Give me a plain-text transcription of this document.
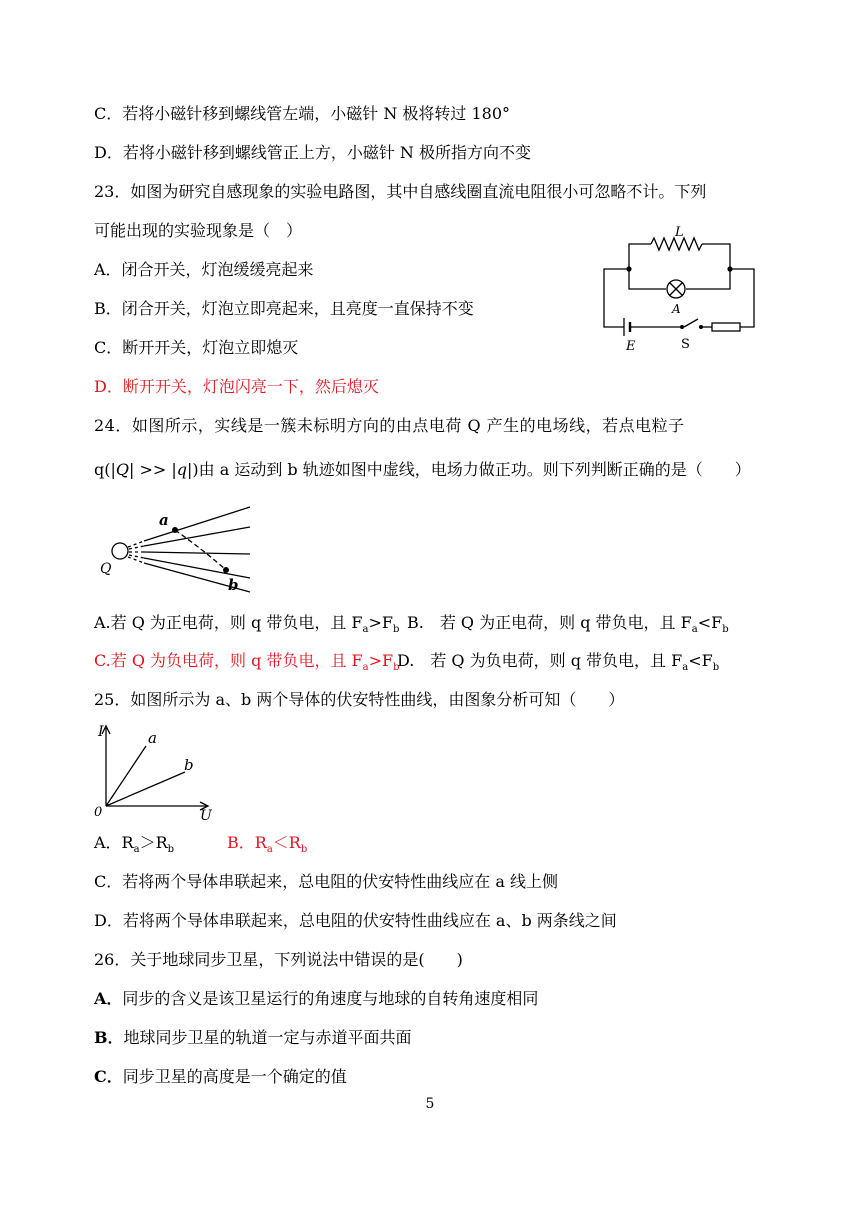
C．若将小磁针移到螺线管左端，小磁针 N 极将转过 180°
D．若将小磁针移到螺线管正上方，小磁针 N 极所指方向不变
23．如图为研究自感现象的实验电路图，其中自感线圈直流电阻很小可忽略不计。下列
可能出现的实验现象是（　）
A．闭合开关，灯泡缓缓亮起来
B．闭合开关，灯泡立即亮起来，且亮度一直保持不变
C．断开开关，灯泡立即熄灭
D．断开开关，灯泡闪亮一下，然后熄灭
L
A
E	S
24．如图所示，实线是一簇未标明方向的由点电荷 Q 产生的电场线，若点电粒子
q(|Q| >> |q|)由 a 运动到 b 轨迹如图中虚线，电场力做正功。则下列判断正确的是（　　）
a
b
Q
A.若 Q 为正电荷，则 q 带负电，且 $F_a>F_b$ B.　若 Q 为正电荷，则 q 带负电，且 $F_a<F_b$
C.若 Q 为负电荷，则 q 带负电，且 $F_a>F_b$
D.　若 Q 为负电荷，则 q 带负电，且 $F_a<F_b$
25．如图所示为 a、b 两个导体的伏安特性曲线，由图象分析可知（　　）
I
U
0
a
b
A．$R_a>R_b$	B．$R_a<R_b$
C．若将两个导体串联起来，总电阻的伏安特性曲线应在 a 线上侧
D．若将两个导体串联起来，总电阻的伏安特性曲线应在 a、b 两条线之间
26．关于地球同步卫星，下列说法中错误的是(　　)
A．同步的含义是该卫星运行的角速度与地球的自转角速度相同
B．地球同步卫星的轨道一定与赤道平面共面
C．同步卫星的高度是一个确定的值
5
